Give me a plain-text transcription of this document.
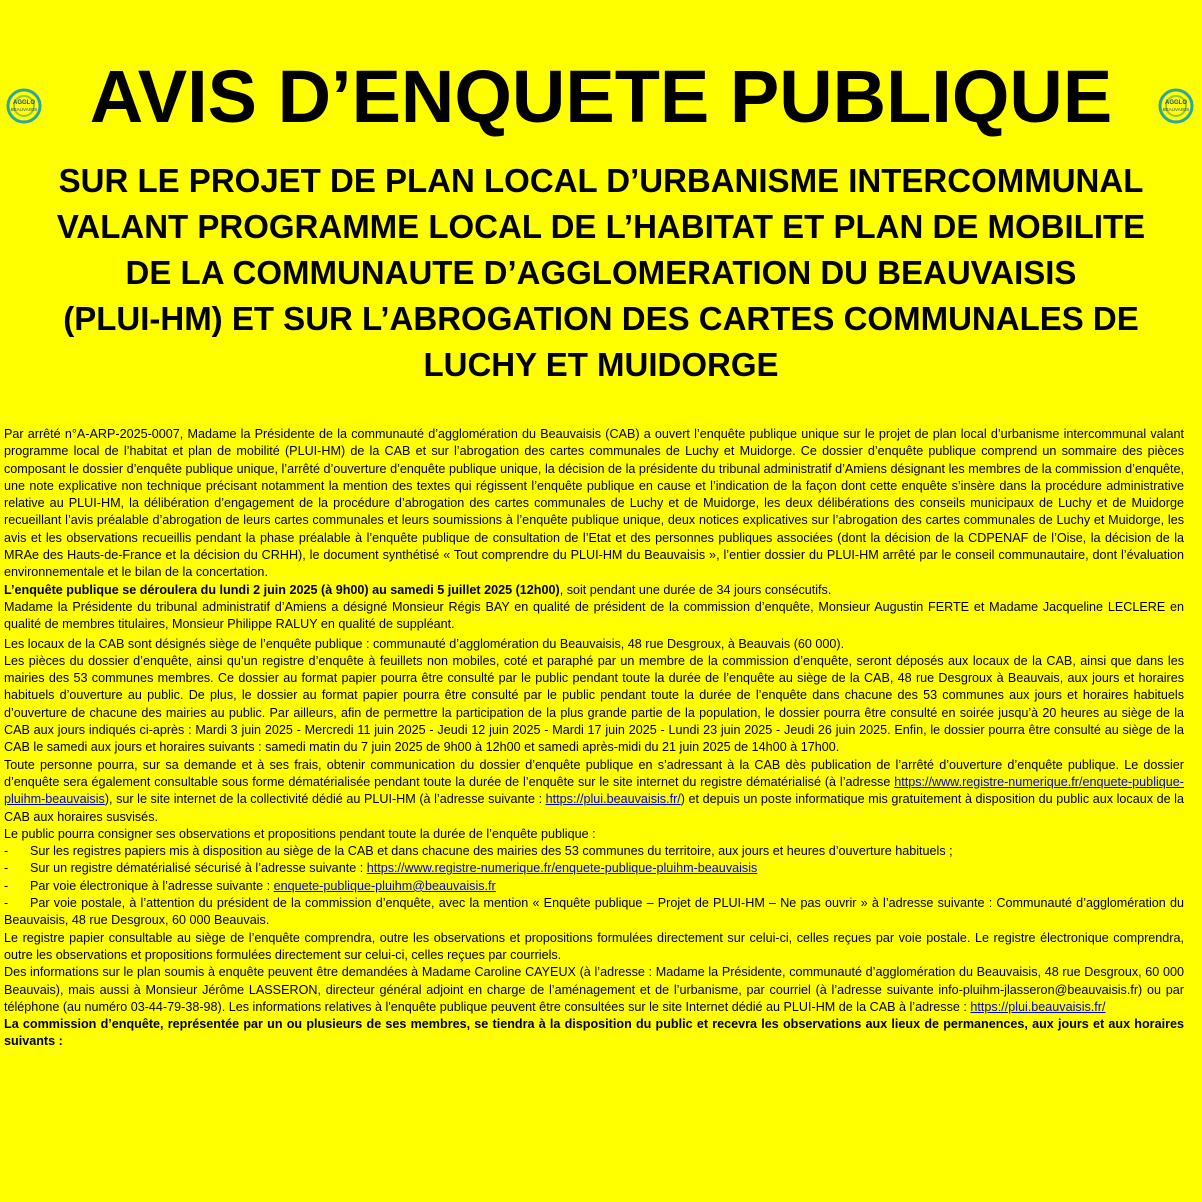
AVIS D’ENQUETE PUBLIQUE
AGGLO
BEAUVAISIS
AGGLO
BEAUVAISIS
SUR LE PROJET DE PLAN LOCAL D’URBANISME INTERCOMMUNAL
VALANT PROGRAMME LOCAL DE L’HABITAT ET PLAN DE MOBILITE
DE LA COMMUNAUTE D’AGGLOMERATION DU BEAUVAISIS
(PLUI-HM) ET SUR L’ABROGATION DES CARTES COMMUNALES DE
LUCHY ET MUIDORGE

Par arrêté n°A-ARP-2025-0007, Madame la Présidente de la communauté d’agglomération du Beauvaisis (CAB) a ouvert l’enquête publique unique sur le projet de plan local d’urbanisme intercommunal valant programme local de l’habitat et plan de mobilité (PLUI-HM) de la CAB et sur l’abrogation des cartes communales de Luchy et Muidorge. Ce dossier d’enquête publique comprend un sommaire des pièces composant le dossier d’enquête publique unique, l’arrêté d’ouverture d’enquête publique unique, la décision de la présidente du tribunal administratif d’Amiens désignant les membres de la commission d’enquête, une note explicative non technique précisant notamment la mention des textes qui régissent l’enquête publique en cause et l’indication de la façon dont cette enquête s’insère dans la procédure administrative relative au PLUI-HM, la délibération d’engagement de la procédure d’abrogation des cartes communales de Luchy et de Muidorge, les deux délibérations des conseils municipaux de Luchy et de Muidorge recueillant l’avis préalable d’abrogation de leurs cartes communales et leurs soumissions à l’enquête publique unique, deux notices explicatives sur l’abrogation des cartes communales de Luchy et Muidorge, les avis et les observations recueillis pendant la phase préalable à l’enquête publique de consultation de l’Etat et des personnes publiques associées (dont la décision de la CDPENAF de l’Oise, la décision de la MRAe des Hauts-de-France et la décision du CRHH), le document synthétisé « Tout comprendre du PLUI-HM du Beauvaisis », l’entier dossier du PLUI-HM arrêté par le conseil communautaire, dont l’évaluation environnementale et le bilan de la concertation.

L’enquête publique se déroulera du lundi 2 juin 2025 (à 9h00) au samedi 5 juillet 2025 (12h00), soit pendant une durée de 34 jours consécutifs.

Madame la Présidente du tribunal administratif d’Amiens a désigné Monsieur Régis BAY en qualité de président de la commission d’enquête, Monsieur Augustin FERTE et Madame Jacqueline LECLERE en qualité de membres titulaires, Monsieur Philippe RALUY en qualité de suppléant.

Les locaux de la CAB sont désignés siège de l’enquête publique : communauté d’agglomération du Beauvaisis, 48 rue Desgroux, à Beauvais (60 000).

Les pièces du dossier d’enquête, ainsi qu’un registre d’enquête à feuillets non mobiles, coté et paraphé par un membre de la commission d’enquête, seront déposés aux locaux de la CAB, ainsi que dans les mairies des 53 communes membres. Ce dossier au format papier pourra être consulté par le public pendant toute la durée de l’enquête au siège de la CAB, 48 rue Desgroux à Beauvais, aux jours et horaires habituels d’ouverture au public. De plus, le dossier au format papier pourra être consulté par le public pendant toute la durée de l’enquête dans chacune des 53 communes aux jours et horaires habituels d’ouverture de chacune des mairies au public. Par ailleurs, afin de permettre la participation de la plus grande partie de la population, le dossier pourra être consulté en soirée jusqu’à 20 heures au siège de la CAB aux jours indiqués ci-après : Mardi 3 juin 2025 - Mercredi 11 juin 2025 - Jeudi 12 juin 2025 - Mardi 17 juin 2025 - Lundi 23 juin 2025 - Jeudi 26 juin 2025. Enfin, le dossier pourra être consulté au siège de la CAB le samedi aux jours et horaires suivants : samedi matin du 7 juin 2025 de 9h00 à 12h00 et samedi après-midi du 21 juin 2025 de 14h00 à 17h00.

Toute personne pourra, sur sa demande et à ses frais, obtenir communication du dossier d’enquête publique en s’adressant à la CAB dès publication de l’arrêté d’ouverture d’enquête publique. Le dossier d’enquête sera également consultable sous forme dématérialisée pendant toute la durée de l’enquête sur le site internet du registre dématérialisé (à l’adresse https://www.registre-numerique.fr/enquete-publique-pluihm-beauvaisis), sur le site internet de la collectivité dédié au PLUI-HM (à l’adresse suivante : https://plui.beauvaisis.fr/) et depuis un poste informatique mis gratuitement à disposition du public aux locaux de la CAB aux horaires susvisés.

Le public pourra consigner ses observations et propositions pendant toute la durée de l’enquête publique :

- Sur les registres papiers mis à disposition au siège de la CAB et dans chacune des mairies des 53 communes du territoire, aux jours et heures d’ouverture habituels ;

- Sur un registre dématérialisé sécurisé à l’adresse suivante : https://www.registre-numerique.fr/enquete-publique-pluihm-beauvaisis

- Par voie électronique à l’adresse suivante : enquete-publique-pluihm@beauvaisis.fr

- Par voie postale, à l’attention du président de la commission d’enquête, avec la mention « Enquête publique – Projet de PLUI-HM – Ne pas ouvrir » à l’adresse suivante : Communauté d’agglomération du Beauvaisis, 48 rue Desgroux, 60 000 Beauvais.

Le registre papier consultable au siège de l’enquête comprendra, outre les observations et propositions formulées directement sur celui-ci, celles reçues par voie postale. Le registre électronique comprendra, outre les observations et propositions formulées directement sur celui-ci, celles reçues par courriels.

Des informations sur le plan soumis à enquête peuvent être demandées à Madame Caroline CAYEUX (à l’adresse : Madame la Présidente, communauté d’agglomération du Beauvaisis, 48 rue Desgroux, 60 000 Beauvais), mais aussi à Monsieur Jérôme LASSERON, directeur général adjoint en charge de l’aménagement et de l’urbanisme, par courriel (à l’adresse suivante info-pluihm-jlasseron@beauvaisis.fr) ou par téléphone (au numéro 03-44-79-38-98). Les informations relatives à l'enquête publique peuvent être consultées sur le site Internet dédié au PLUI-HM de la CAB à l’adresse : https://plui.beauvaisis.fr/

La commission d’enquête, représentée par un ou plusieurs de ses membres, se tiendra à la disposition du public et recevra les observations aux lieux de permanences, aux jours et aux horaires suivants :
